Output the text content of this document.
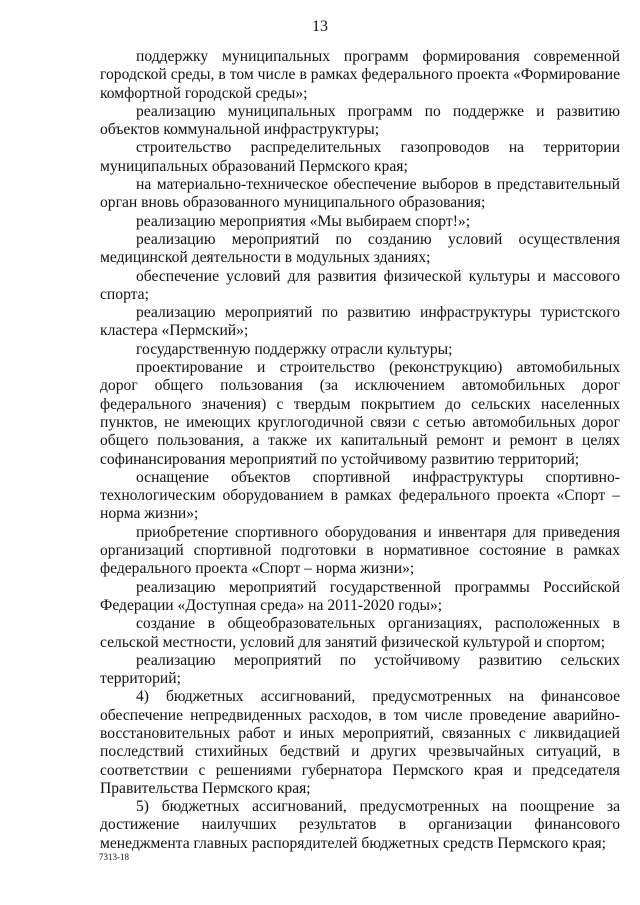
13

поддержку муниципальных программ формирования современной городской среды, в том числе в рамках федерального проекта «Формирование комфортной городской среды»;

реализацию муниципальных программ по поддержке и развитию объектов коммунальной инфраструктуры;

строительство распределительных газопроводов на территории муниципальных образований Пермского края;

на материально-техническое обеспечение выборов в представительный орган вновь образованного муниципального образования;

реализацию мероприятия «Мы выбираем спорт!»;

реализацию мероприятий по созданию условий осуществления медицинской деятельности в модульных зданиях;

обеспечение условий для развития физической культуры и массового спорта;

реализацию мероприятий по развитию инфраструктуры туристского кластера «Пермский»;

государственную поддержку отрасли культуры;

проектирование и строительство (реконструкцию) автомобильных дорог общего пользования (за исключением автомобильных дорог федерального значения) с твердым покрытием до сельских населенных пунктов, не имеющих круглогодичной связи с сетью автомобильных дорог общего пользования, а также их капитальный ремонт и ремонт в целях софинансирования мероприятий по устойчивому развитию территорий;

оснащение объектов спортивной инфраструктуры спортивно-технологическим оборудованием в рамках федерального проекта «Спорт – норма жизни»;

приобретение спортивного оборудования и инвентаря для приведения организаций спортивной подготовки в нормативное состояние в рамках федерального проекта «Спорт – норма жизни»;

реализацию мероприятий государственной программы Российской Федерации «Доступная среда» на 2011-2020 годы»;

создание в общеобразовательных организациях, расположенных в сельской местности, условий для занятий физической культурой и спортом;

реализацию мероприятий по устойчивому развитию сельских территорий;

4) бюджетных ассигнований, предусмотренных на финансовое обеспечение непредвиденных расходов, в том числе проведение аварийно-восстановительных работ и иных мероприятий, связанных с ликвидацией последствий стихийных бедствий и других чрезвычайных ситуаций, в соответствии с решениями губернатора Пермского края и председателя Правительства Пермского края;

5) бюджетных ассигнований, предусмотренных на поощрение за достижение наилучших результатов в организации финансового менеджмента главных распорядителей бюджетных средств Пермского края;

7313-18
